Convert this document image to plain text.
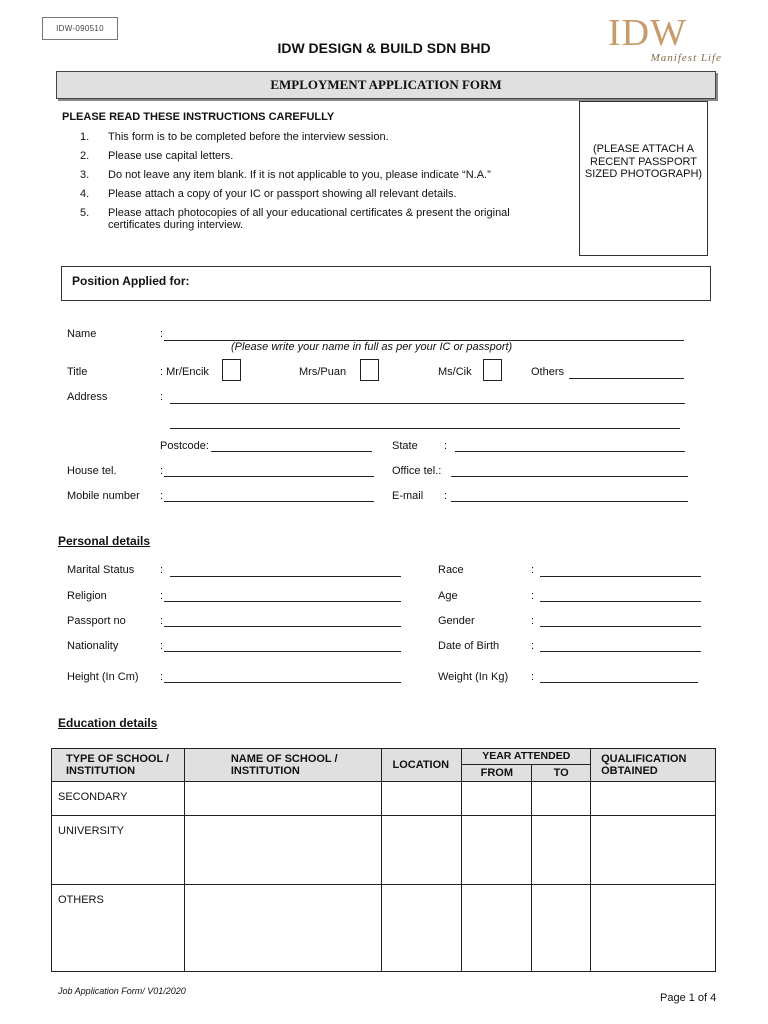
IDW-090510
IDW DESIGN & BUILD SDN BHD	IDW
Manifest Life
EMPLOYMENT APPLICATION FORM
PLEASE READ THESE INSTRUCTIONS CAREFULLY
1.	This form is to be completed before the interview session.
2.	Please use capital letters.
3.	Do not leave any item blank. If it is not applicable to you, please indicate “N.A.”
4.	Please attach a copy of your IC or passport showing all relevant details.
5.	Please attach photocopies of all your educational certificates & present the original certificates during interview.
(PLEASE ATTACH A RECENT PASSPORT SIZED PHOTOGRAPH)
Position Applied for:
Name	:
(Please write your name in full as per your IC or passport)
Title	: Mr/Encik	Mrs/Puan	Ms/Cik	Others
Address	:
Postcode:	State :
House tel.	:	Office tel.:
Mobile number :	E-mail :
Personal details
Marital Status :	Race	:
Religion	:	Age	:
Passport no	:	Gender	:
Nationality	:	Date of Birth	:
Height (In Cm) :	Weight (In Kg) :
Education details
TYPE OF SCHOOL / INSTITUTION	NAME OF SCHOOL / INSTITUTION	LOCATION	YEAR ATTENDED		QUALIFICATION OBTAINED
			FROM	TO	
SECONDARY					
UNIVERSITY					
OTHERS					
Job Application Form/ V01/2020
Page 1 of 4
